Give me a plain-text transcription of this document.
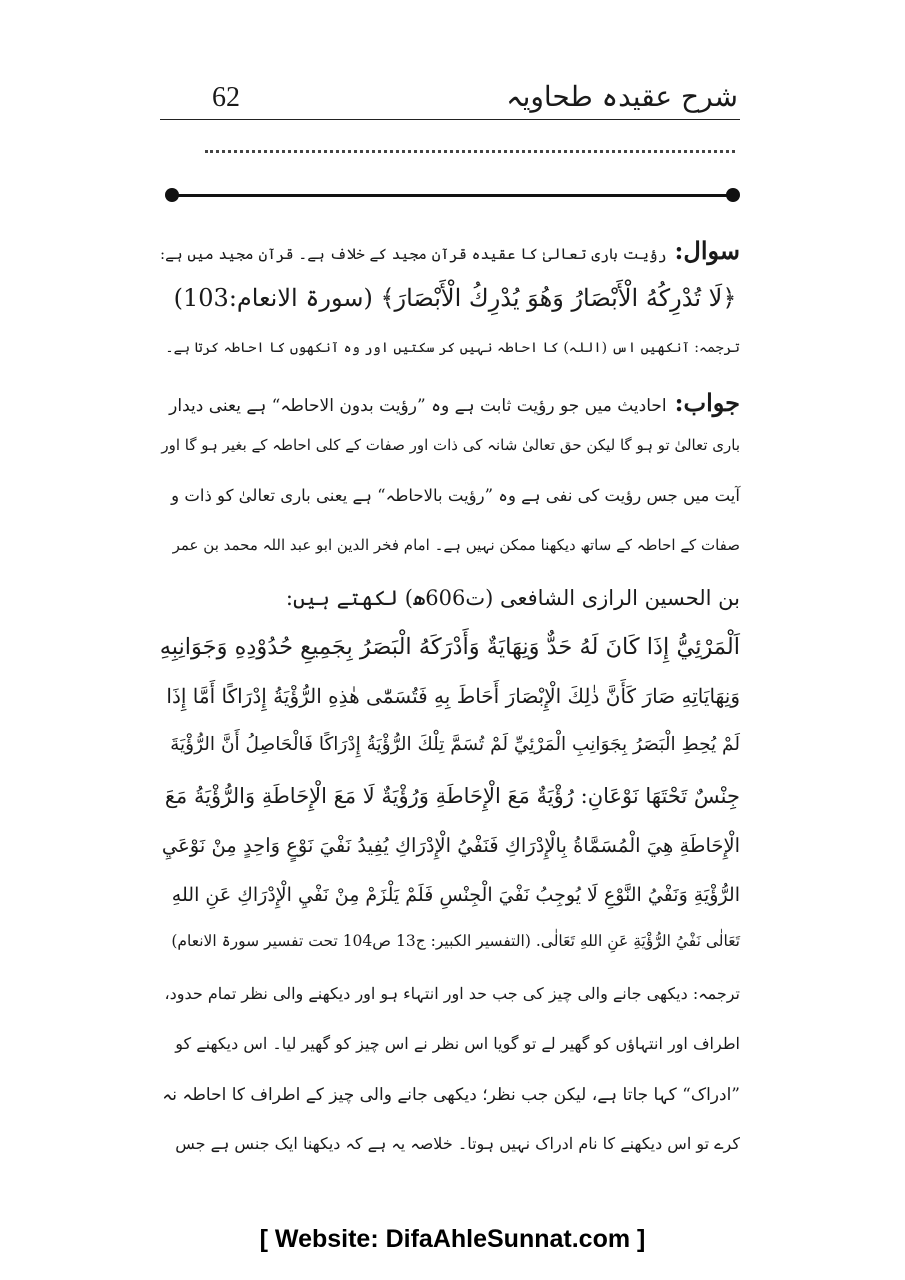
62	شرح عقیدہ طحاویہ
سوال:رؤیت باری تعالیٰ کا عقیدہ قرآن مجید کے خلاف ہے۔ قرآن مجید میں ہے:
﴿لَا تُدْرِكُهُ الْأَبْصَارُ وَهُوَ يُدْرِكُ الْأَبْصَارَ﴾ (سورۃ الانعام:103)
ترجمہ: آنکھیں اس (اللہ) کا احاطہ نہیں کر سکتیں اور وہ آنکھوں کا احاطہ کرتا ہے۔
جواب:احادیث میں جو رؤیت ثابت ہے وہ ”رؤیت بدون الاحاطہ“ ہے یعنی دیدار
باری تعالیٰ تو ہو گا لیکن حق تعالیٰ شانہ کی ذات اور صفات کے کلی احاطہ کے بغیر ہو گا اور
آیت میں جس رؤیت کی نفی ہے وہ ”رؤیت بالاحاطہ“ ہے یعنی باری تعالیٰ کو ذات و
صفات کے احاطہ کے ساتھ دیکھنا ممکن نہیں ہے۔ امام فخر الدین ابو عبد اللہ محمد بن عمر
بن الحسین الرازی الشافعی (ت606ھ) لکھتے ہیں:
اَلْمَرْئِيُّ إِذَا كَانَ لَهُ حَدٌّ وَنِهَايَةٌ وَأَدْرَكَهُ الْبَصَرُ بِجَمِيعِ حُدُوْدِهِ وَجَوَانِبِهِ
وَنِهَايَاتِهِ صَارَ كَأَنَّ ذٰلِكَ الْإِبْصَارَ أَحَاطَ بِهِ فَتُسَمّٰى هٰذِهِ الرُّؤْيَةُ إِدْرَاكًا أَمَّا إِذَا
لَمْ يُحِطِ الْبَصَرُ بِجَوَانِبِ الْمَرْئِيِّ لَمْ تُسَمَّ تِلْكَ الرُّؤْيَةُ إِدْرَاكًا فَالْحَاصِلُ أَنَّ الرُّؤْيَةَ
جِنْسٌ تَحْتَهَا نَوْعَانِ: رُؤْيَةٌ مَعَ الْإِحَاطَةِ وَرُؤْيَةٌ لَا مَعَ الْإِحَاطَةِ وَالرُّؤْيَةُ مَعَ
الْإِحَاطَةِ هِيَ الْمُسَمَّاةُ بِالْإِدْرَاكِ فَنَفْيُ الْإِدْرَاكِ يُفِيدُ نَفْيَ نَوْعٍ وَاحِدٍ مِنْ نَوْعَيِ
الرُّؤْيَةِ وَنَفْيُ النَّوْعِ لَا يُوجِبُ نَفْيَ الْجِنْسِ فَلَمْ يَلْزَمْ مِنْ نَفْيِ الْإِدْرَاكِ عَنِ اللهِ
تَعَالٰى نَفْيُ الرُّؤْيَةِ عَنِ اللهِ تَعَالٰى. (التفسیر الکبیر: ج13 ص104 تحت تفسیر سورۃ الانعام)
ترجمہ: دیکھی جانے والی چیز کی جب حد اور انتہاء ہو اور دیکھنے والی نظر تمام حدود،
اطراف اور انتہاؤں کو گھیر لے تو گویا اس نظر نے اس چیز کو گھیر لیا۔ اس دیکھنے کو
”ادراک“ کہا جاتا ہے، لیکن جب نظر؛ دیکھی جانے والی چیز کے اطراف کا احاطہ نہ
کرے تو اس دیکھنے کا نام ادراک نہیں ہوتا۔ خلاصہ یہ ہے کہ دیکھنا ایک جنس ہے جس
[ Website: DifaAhleSunnat.com ]
